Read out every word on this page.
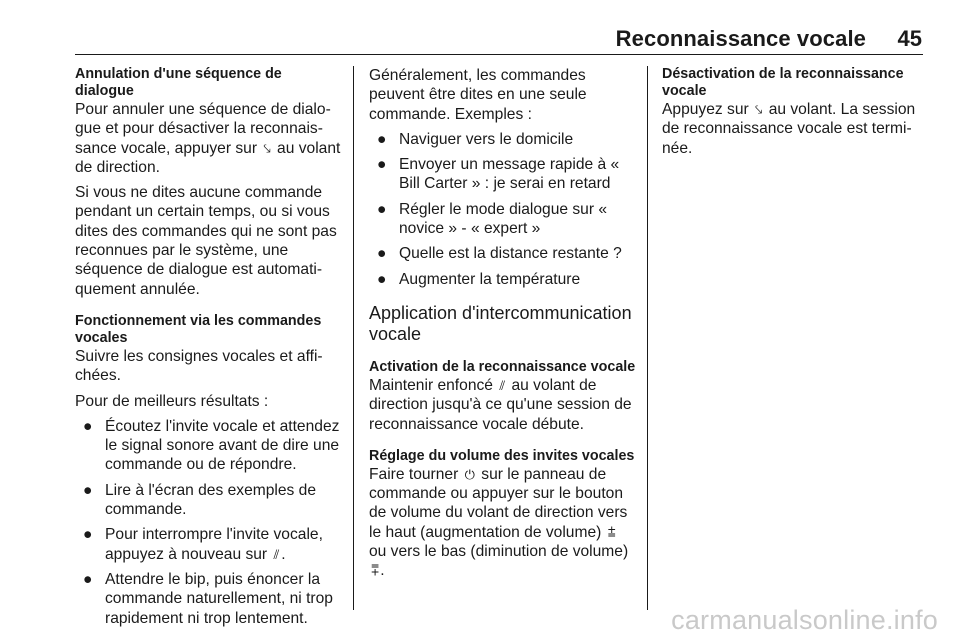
Reconnaissance vocale 45
Annulation d'une séquence de dialogue

Pour annuler une séquence de dialogue et pour désactiver la reconnaissance vocale, appuyer sur ⤥ au volant de direction.

Si vous ne dites aucune commande pendant un certain temps, ou si vous dites des commandes qui ne sont pas reconnues par le système, une séquence de dialogue est automatiquement annulée.

Fonctionnement via les commandes vocales

Suivre les consignes vocales et affichées.

Pour de meilleurs résultats :

● Écoutez l'invite vocale et attendez le signal sonore avant de dire une commande ou de répondre.
● Lire à l'écran des exemples de commande.
● Pour interrompre l'invite vocale, appuyez à nouveau sur ⫽ .
● Attendre le bip, puis énoncer la commande naturellement, ni trop rapidement ni trop lentement.

Généralement, les commandes peuvent être dites en une seule commande. Exemples :

● Naviguer vers le domicile
● Envoyer un message rapide à « Bill Carter » : je serai en retard
● Régler le mode dialogue sur « novice » - « expert »
● Quelle est la distance restante ?
● Augmenter la température
Application d'intercommunication vocale
Activation de la reconnaissance vocale

Maintenir enfoncé ⫽ au volant de direction jusqu'à ce qu'une session de reconnaissance vocale débute.

Réglage du volume des invites vocales

Faire tourner ⏻ sur le panneau de commande ou appuyer sur le bouton de volume du volant de direction vers le haut (augmentation de volume) ⩲ ou vers le bas (diminution de volume) ⩱ .

Désactivation de la reconnaissance vocale

Appuyez sur ⤥ au volant. La session de reconnaissance vocale est terminée.

carmanualsonline.info
